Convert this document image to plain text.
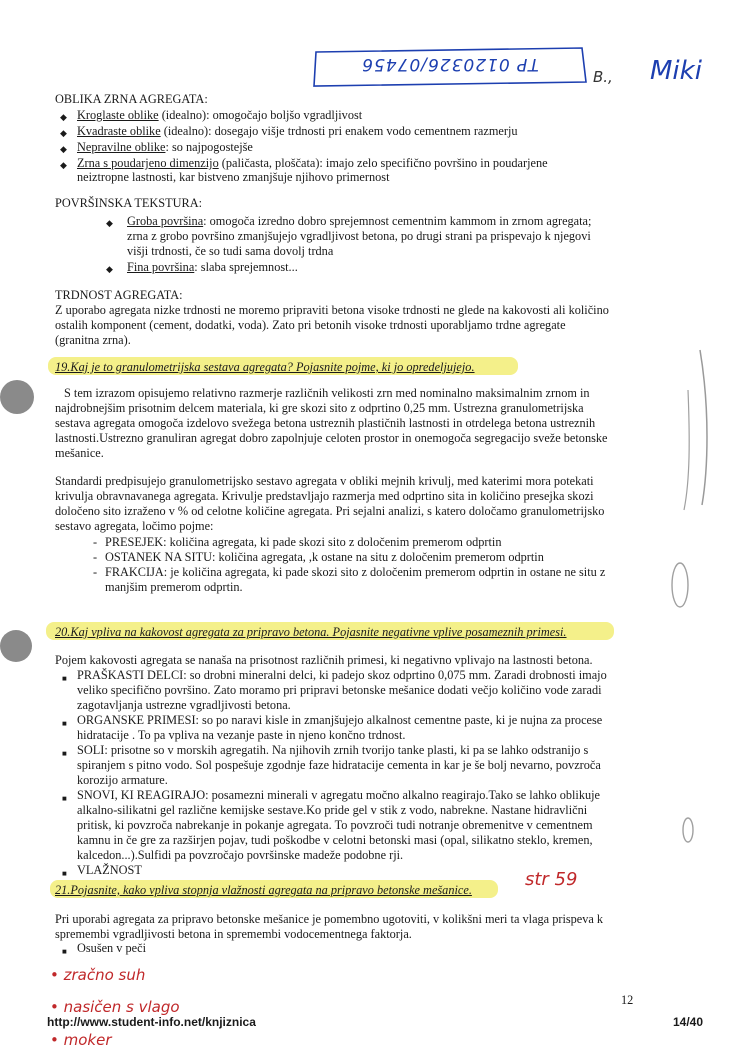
TP 0120326/07456
B., Miki
OBLIKA ZRNA AGREGATA:
◆ Kroglaste oblike (idealno): omogočajo boljšo vgradljivost
◆ Kvadraste oblike (idealno): dosegajo višje trdnosti pri enakem vodo cementnem razmerju
◆ Nepravilne oblike: so najpogostejše
◆ Zrna s poudarjeno dimenzijo (paličasta, ploščata): imajo zelo specifično površino in poudarjene
neiztropne lastnosti, kar bistveno zmanjšuje njihovo primernost
POVRŠINSKA TEKSTURA:
◆ Groba površina: omogoča izredno dobro sprejemnost cementnim kammom in zrnom agregata;
zrna z grobo površino zmanjšujejo vgradljivost betona, po drugi strani pa prispevajo k njegovi
višji trdnosti, če so tudi sama dovolj trdna
◆ Fina površina: slaba sprejemnost...
TRDNOST AGREGATA:
Z uporabo agregata nizke trdnosti ne moremo pripraviti betona visoke trdnosti ne glede na kakovosti ali količino
ostalih komponent (cement, dodatki, voda). Zato pri betonih visoke trdnosti uporabljamo trdne agregate
(granitna zrna).
19.Kaj je to granulometrijska sestava agregata? Pojasnite pojme, ki jo opredeljujejo.
S tem izrazom opisujemo relativno razmerje različnih velikosti zrn med nominalno maksimalnim zrnom in
najdrobnejšim prisotnim delcem materiala, ki gre skozi sito z odprtino 0,25 mm. Ustrezna granulometrijska
sestava agregata omogoča izdelovo svežega betona ustreznih plastičnih lastnosti in otrdelega betona ustreznih
lastnosti.Ustrezno granuliran agregat dobro zapolnjuje celoten prostor in onemogoča segregacijo sveže betonske
mešanice.
Standardi predpisujejo granulometrijsko sestavo agregata v obliki mejnih krivulj, med katerimi mora potekati
krivulja obravnavanega agregata. Krivulje predstavljajo razmerja med odprtino sita in količino presejka skozi
določeno sito izraženo v % od celotne količine agregata. Pri sejalni analizi, s katero določamo granulometrijsko
sestavo agregata, ločimo pojme:
- PRESEJEK: količina agregata, ki pade skozi sito z določenim premerom odprtin
- OSTANEK NA SITU: količina agregata, ,k ostane na situ z določenim premerom odprtin
- FRAKCIJA: je količina agregata, ki pade skozi sito z določenim premerom odprtin in ostane ne situ z
manjšim premerom odprtin.
20.Kaj vpliva na kakovost agregata za pripravo betona. Pojasnite negativne vplive posameznih primesi.
Pojem kakovosti agregata se nanaša na prisotnost različnih primesi, ki negativno vplivajo na lastnosti betona.
■ PRAŠKASTI DELCI: so drobni mineralni delci, ki padejo skoz odprtino 0,075 mm. Zaradi drobnosti imajo
veliko specifično površino. Zato moramo pri pripravi betonske mešanice dodati večjo količino vode zaradi
zagotavljanja ustrezne vgradljivosti betona.
■ ORGANSKE PRIMESI: so po naravi kisle in zmanjšujejo alkalnost cementne paste, ki je nujna za procese
hidratacije . To pa vpliva na vezanje paste in njeno končno trdnost.
■ SOLI: prisotne so v morskih agregatih. Na njihovih zrnih tvorijo tanke plasti, ki pa se lahko odstranijo s
spiranjem s pitno vodo. Sol pospešuje zgodnje faze hidratacije cementa in kar je še bolj nevarno, povzroča
korozijo armature.
■ SNOVI, KI REAGIRAJO: posamezni minerali v agregatu močno alkalno reagirajo.Tako se lahko oblikuje
alkalno-silikatni gel različne kemijske sestave.Ko pride gel v stik z vodo, nabrekne. Nastane hidravlični
pritisk, ki povzroča nabrekanje in pokanje agregata. To povzroči tudi notranje obremenitve v cementnem
kamnu in če gre za razširjen pojav, tudi poškodbe v celotni betonski masi (opal, silikatno steklo, kremen,
kalcedon...).Sulfidi pa povzročajo površinske madeže podobne rji.
■ VLAŽNOST
21.Pojasnite, kako vpliva stopnja vlažnosti agregata na pripravo betonske mešanice.	str 59
Pri uporabi agregata za pripravo betonske mešanice je pomembno ugotoviti, v kolikšni meri ta vlaga prispeva k
spremembi vgradljivosti betona in spremembi vodocementnega faktorja.
■ Osušen v peči
• zračno suh
• nasičen s vlago
• moker
12
http://www.student-info.net/knjiznica	14/40
